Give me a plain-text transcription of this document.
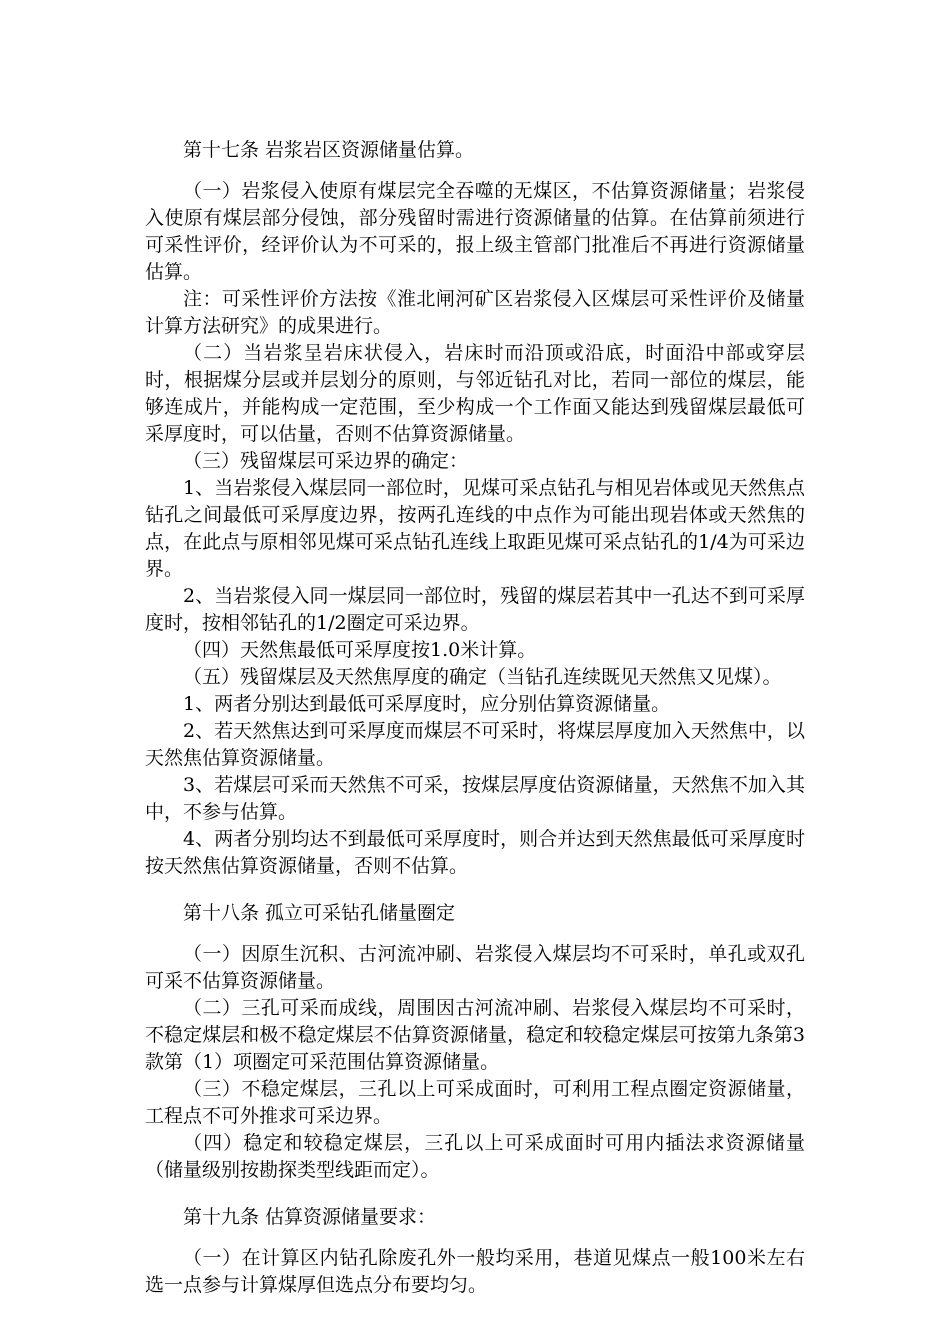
第十七条 岩浆岩区资源储量估算。

（一）岩浆侵入使原有煤层完全吞噬的无煤区，不估算资源储量；岩浆侵入使原有煤层部分侵蚀，部分残留时需进行资源储量的估算。在估算前须进行可采性评价，经评价认为不可采的，报上级主管部门批准后不再进行资源储量估算。

注：可采性评价方法按《淮北闸河矿区岩浆侵入区煤层可采性评价及储量计算方法研究》的成果进行。

（二）当岩浆呈岩床状侵入，岩床时而沿顶或沿底，时面沿中部或穿层时，根据煤分层或并层划分的原则，与邻近钻孔对比，若同一部位的煤层，能够连成片，并能构成一定范围，至少构成一个工作面又能达到残留煤层最低可采厚度时，可以估量，否则不估算资源储量。

（三）残留煤层可采边界的确定：

1、当岩浆侵入煤层同一部位时，见煤可采点钻孔与相见岩体或见天然焦点钻孔之间最低可采厚度边界，按两孔连线的中点作为可能出现岩体或天然焦的点，在此点与原相邻见煤可采点钻孔连线上取距见煤可采点钻孔的1/4为可采边界。

2、当岩浆侵入同一煤层同一部位时，残留的煤层若其中一孔达不到可采厚度时，按相邻钻孔的1/2圈定可采边界。

（四）天然焦最低可采厚度按1.0米计算。

（五）残留煤层及天然焦厚度的确定（当钻孔连续既见天然焦又见煤）。

1、两者分别达到最低可采厚度时，应分别估算资源储量。

2、若天然焦达到可采厚度而煤层不可采时，将煤层厚度加入天然焦中，以天然焦估算资源储量。

3、若煤层可采而天然焦不可采，按煤层厚度估资源储量，天然焦不加入其中，不参与估算。

4、两者分别均达不到最低可采厚度时，则合并达到天然焦最低可采厚度时按天然焦估算资源储量，否则不估算。

第十八条 孤立可采钻孔储量圈定

（一）因原生沉积、古河流冲刷、岩浆侵入煤层均不可采时，单孔或双孔可采不估算资源储量。

（二）三孔可采而成线，周围因古河流冲刷、岩浆侵入煤层均不可采时，不稳定煤层和极不稳定煤层不估算资源储量，稳定和较稳定煤层可按第九条第3款第（1）项圈定可采范围估算资源储量。

（三）不稳定煤层，三孔以上可采成面时，可利用工程点圈定资源储量，工程点不可外推求可采边界。

（四）稳定和较稳定煤层，三孔以上可采成面时可用内插法求资源储量（储量级别按勘探类型线距而定）。

第十九条 估算资源储量要求：

（一）在计算区内钻孔除废孔外一般均采用，巷道见煤点一般100米左右选一点参与计算煤厚但选点分布要均匀。
